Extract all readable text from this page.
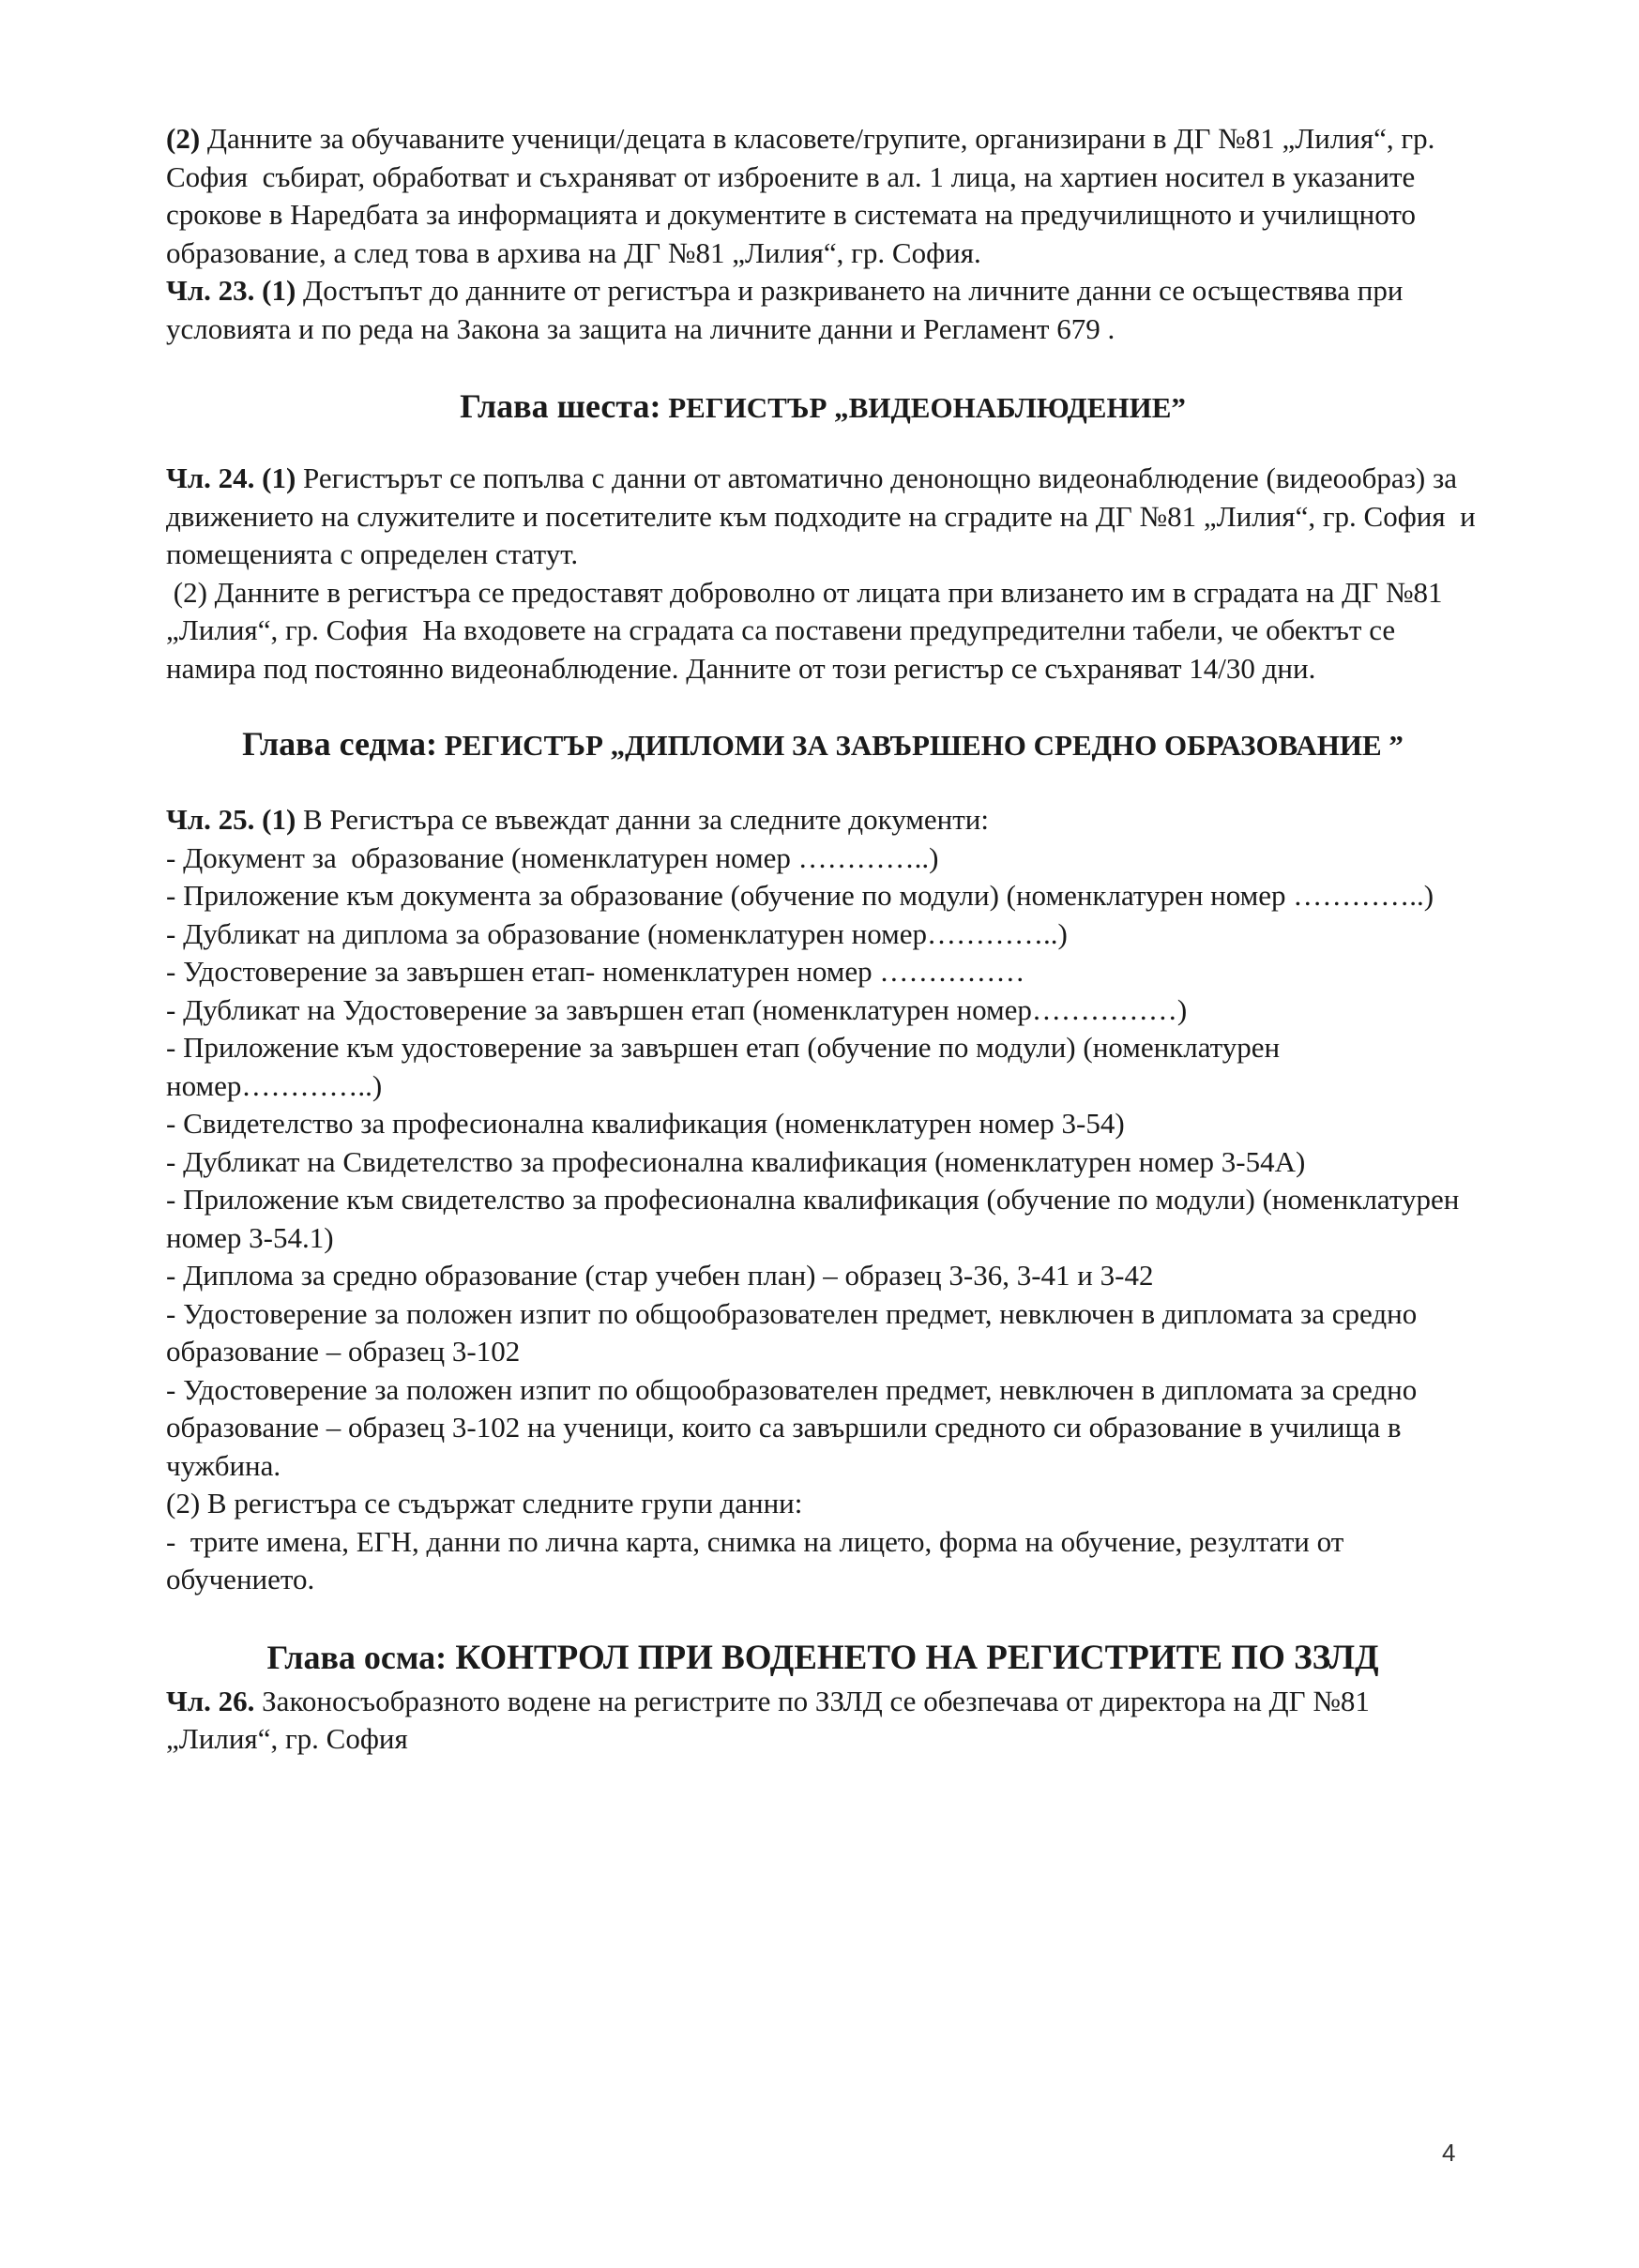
(2) Данните за обучаваните ученици/децата в класовете/групите, организирани в ДГ №81 „Лилия“, гр. София  събират, обработват и съхраняват от изброените в ал. 1 лица, на хартиен носител в указаните срокове в Наредбата за информацията и документите в системата на предучилищното и училищното образование, а след това в архива на ДГ №81 „Лилия“, гр. София.

Чл. 23. (1) Достъпът до данните от регистъра и разкриването на личните данни се осъществява при условията и по реда на Закона за защита на личните данни и Регламент 679 .

Глава шеста: РЕГИСТЪР „ВИДЕОНАБЛЮДЕНИЕ”

Чл. 24. (1) Регистърът се попълва с данни от автоматично денонощно видеонаблюдение (видеообраз) за движението на служителите и посетителите към подходите на сградите на ДГ №81 „Лилия“, гр. София  и помещенията с определен статут.

(2) Данните в регистъра се предоставят доброволно от лицата при влизането им в сградата на ДГ №81 „Лилия“, гр. София  На входовете на сградата са поставени предупредителни табели, че обектът се намира под постоянно видеонаблюдение. Данните от този регистър се съхраняват 14/30 дни.

Глава седма: РЕГИСТЪР „ДИПЛОМИ ЗА ЗАВЪРШЕНО СРЕДНО ОБРАЗОВАНИЕ ”

Чл. 25. (1) В Регистъра се въвеждат данни за следните документи:

- Документ за  образование (номенклатурен номер …………..)

- Приложение към документа за образование (обучение по модули) (номенклатурен номер …………..)

- Дубликат на диплома за образование (номенклатурен номер…………..)

- Удостоверение за завършен етап- номенклатурен номер ……………

- Дубликат на Удостоверение за завършен етап (номенклатурен номер……………)

- Приложение към удостоверение за завършен етап (обучение по модули) (номенклатурен номер…………..)

- Свидетелство за професионална квалификация (номенклатурен номер 3-54)

- Дубликат на Свидетелство за професионална квалификация (номенклатурен номер 3-54А)

- Приложение към свидетелство за професионална квалификация (обучение по модули) (номенклатурен номер 3-54.1)

- Диплома за средно образование (стар учебен план) – образец 3-36, 3-41 и 3-42

- Удостоверение за положен изпит по общообразователен предмет, невключен в дипломата за средно образование – образец 3-102

- Удостоверение за положен изпит по общообразователен предмет, невключен в дипломата за средно образование – образец 3-102 на ученици, които са завършили средното си образование в училища в чужбина.

(2) В регистъра се съдържат следните групи данни:

-  трите имена, ЕГН, данни по лична карта, снимка на лицето, форма на обучение, резултати от обучението.

Глава осма: КОНТРОЛ ПРИ ВОДЕНЕТО НА РЕГИСТРИТЕ ПО ЗЗЛД

Чл. 26. Законосъобразното водене на регистрите по ЗЗЛД се обезпечава от директора на ДГ №81 „Лилия“, гр. София

4
